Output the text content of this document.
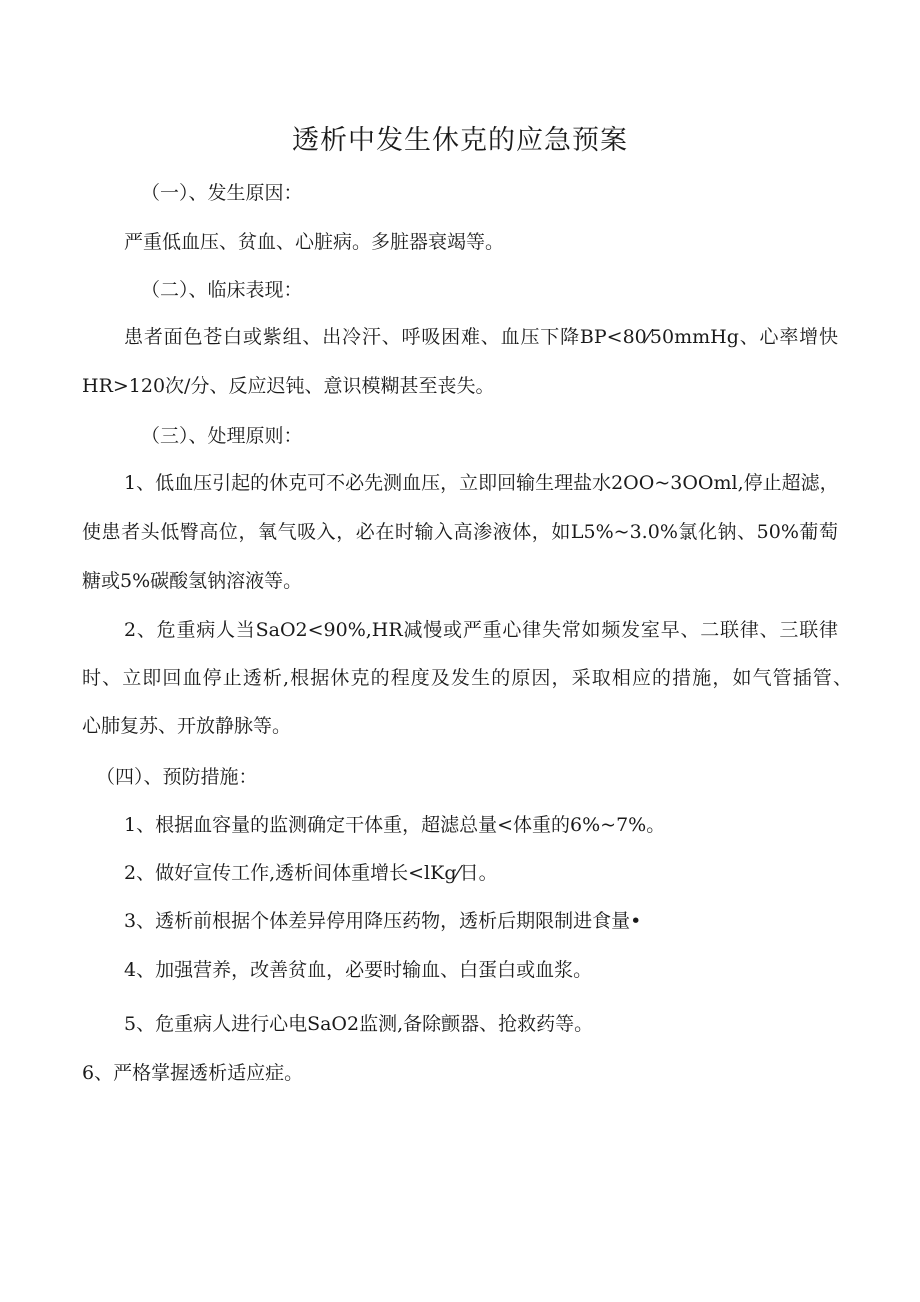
透析中发生休克的应急预案
（一）、发生原因：
严重低血压、贫血、心脏病。多脏器衰竭等。
（二）、临床表现：
患者面色苍白或紫组、出冷汗、呼吸困难、血压下降BP<80⁄50mmHg、心率增快
HR>120次/分、反应迟钝、意识模糊甚至丧失。
（三）、处理原则：
1、低血压引起的休克可不必先测血压，立即回输生理盐水2OO~3OOml,停止超滤，
使患者头低臀高位，氧气吸入，必在时输入高渗液体，如L5%~3.0%氯化钠、50%葡萄
糖或5%碳酸氢钠溶液等。
2、危重病人当SaO2<90%,HR减慢或严重心律失常如频发室早、二联律、三联律
时、立即回血停止透析,根据休克的程度及发生的原因，采取相应的措施，如气管插管、
心肺复苏、开放静脉等。
（四）、预防措施：
1、根据血容量的监测确定干体重，超滤总量<体重的6%~7%。
2、做好宣传工作,透析间体重增长<lKg⁄日。
3、透析前根据个体差异停用降压药物，透析后期限制进食量•
4、加强营养，改善贫血，必要时输血、白蛋白或血浆。
5、危重病人进行心电SaO2监测,备除颤器、抢救药等。
6、严格掌握透析适应症。
